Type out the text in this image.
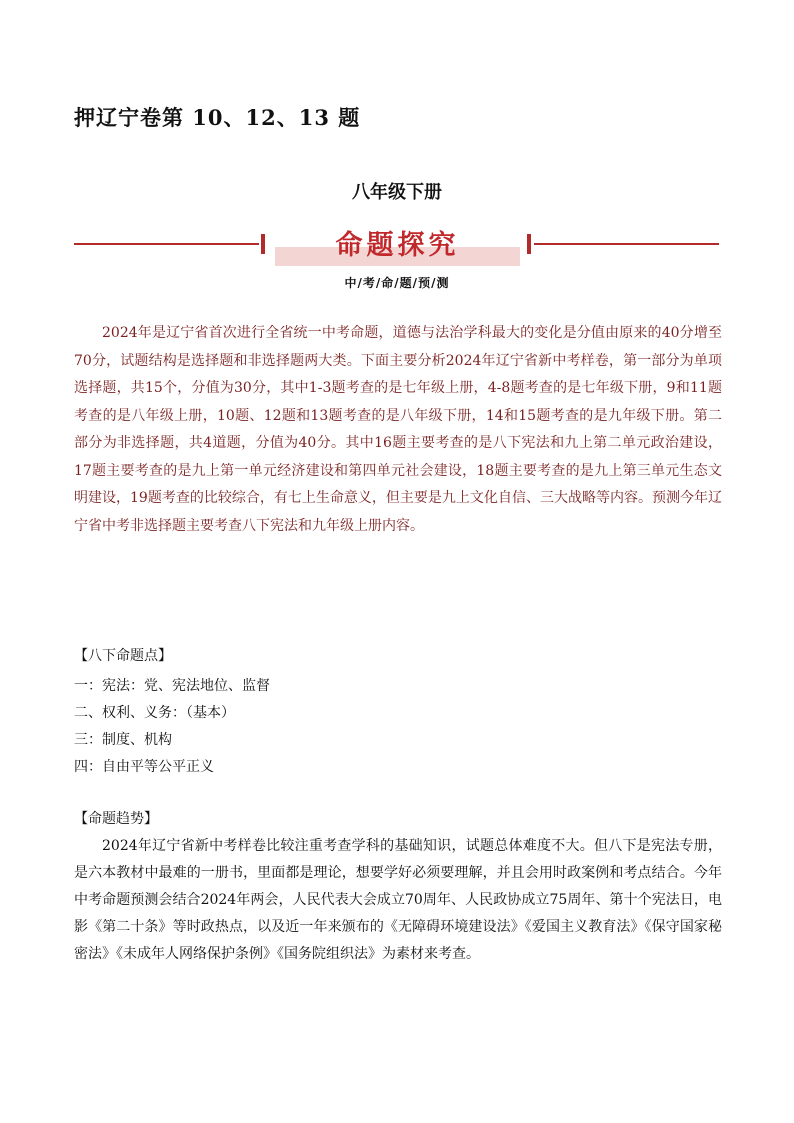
押辽宁卷第 10、12、13 题
八年级下册
命题探究
中/考/命/题/预/测

2024年是辽宁省首次进行全省统一中考命题，道德与法治学科最大的变化是分值由原来的40分增至70分，试题结构是选择题和非选择题两大类。下面主要分析2024年辽宁省新中考样卷，第一部分为单项选择题，共15个，分值为30分，其中1-3题考查的是七年级上册，4-8题考查的是七年级下册，9和11题考查的是八年级上册，10题、12题和13题考查的是八年级下册，14和15题考查的是九年级下册。第二部分为非选择题，共4道题，分值为40分。其中16题主要考查的是八下宪法和九上第二单元政治建设，17题主要考查的是九上第一单元经济建设和第四单元社会建设，18题主要考查的是九上第三单元生态文明建设，19题考查的比较综合，有七上生命意义，但主要是九上文化自信、三大战略等内容。预测今年辽宁省中考非选择题主要考查八下宪法和九年级上册内容。

【八下命题点】
一：宪法：党、宪法地位、监督
二、权利、义务：（基本）
三：制度、机构
四：自由平等公平正义
【命题趋势】

2024年辽宁省新中考样卷比较注重考查学科的基础知识，试题总体难度不大。但八下是宪法专册，是六本教材中最难的一册书，里面都是理论，想要学好必须要理解，并且会用时政案例和考点结合。今年中考命题预测会结合2024年两会，人民代表大会成立70周年、人民政协成立75周年、第十个宪法日，电影《第二十条》等时政热点，以及近一年来颁布的《无障碍环境建设法》《爱国主义教育法》《保守国家秘密法》《未成年人网络保护条例》《国务院组织法》为素材来考查。
